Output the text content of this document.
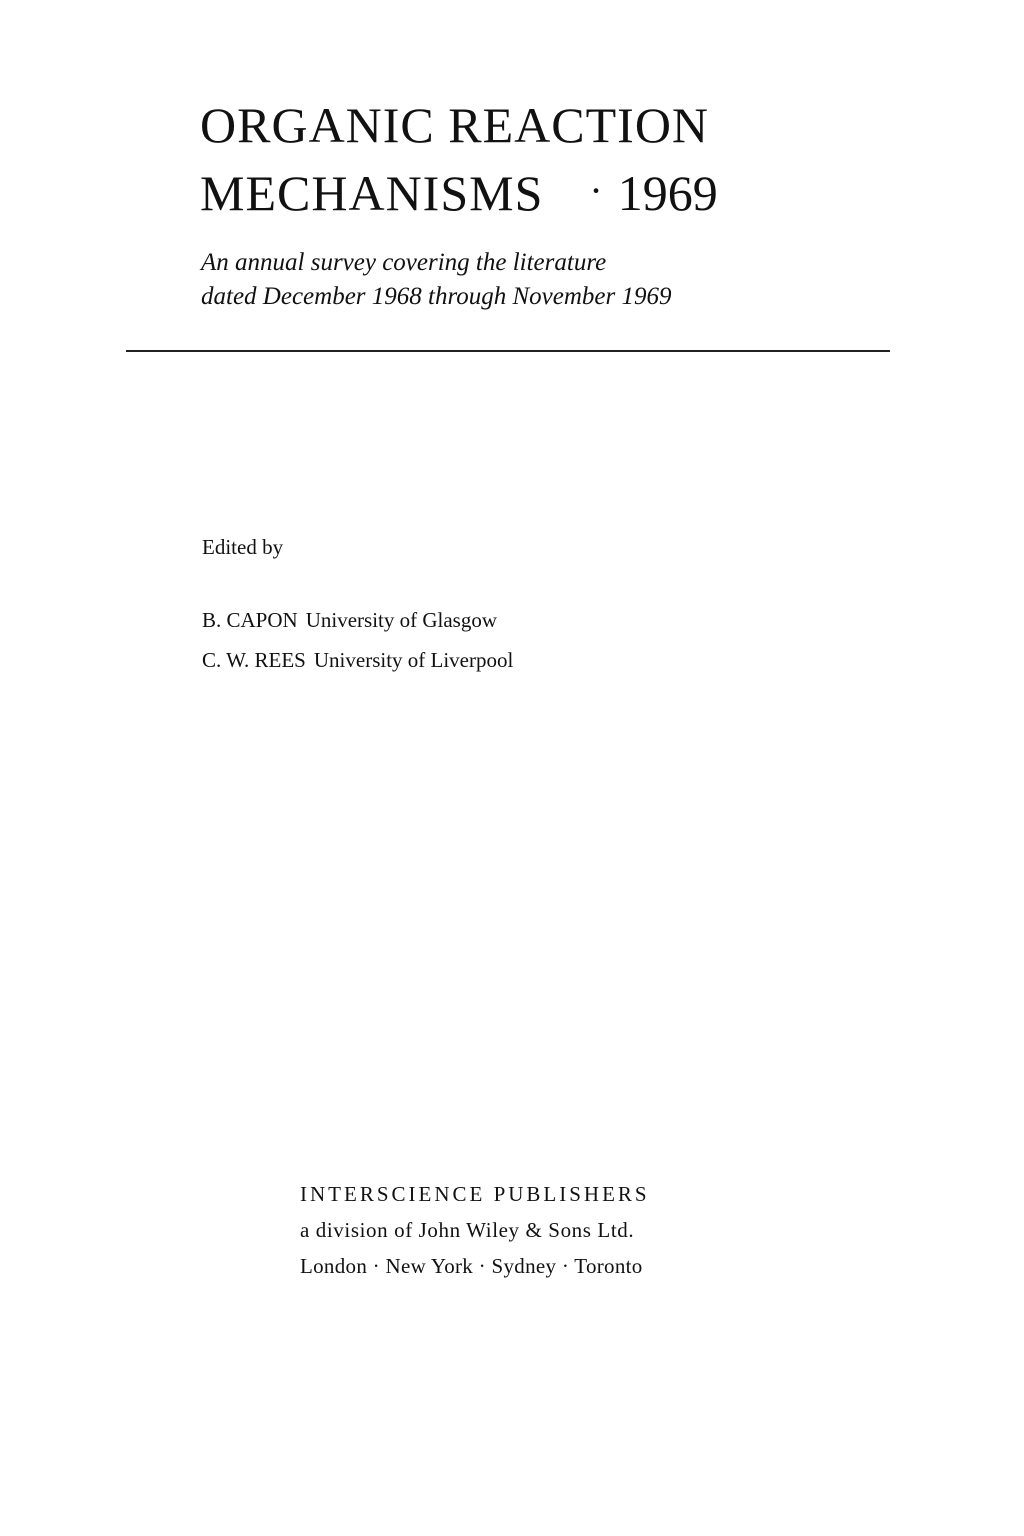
ORGANIC REACTION
MECHANISMS · 1969

An annual survey covering the literature
dated December 1968 through November 1969

Edited by

B. CAPON University of Glasgow
C. W. REES University of Liverpool
INTERSCIENCE PUBLISHERS
a division of John Wiley & Sons Ltd.
London · New York · Sydney · Toronto
